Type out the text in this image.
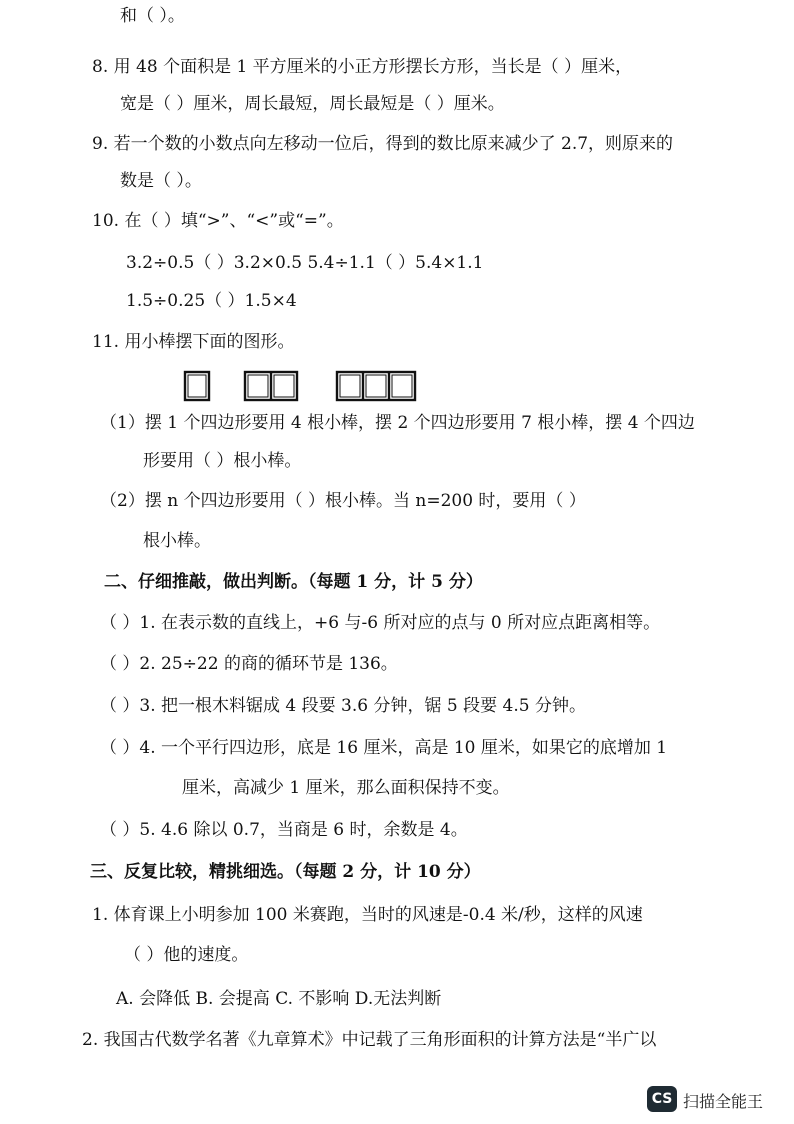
和（ ）。
8. 用 48 个面积是 1 平方厘米的小正方形摆长方形，当长是（ ）厘米，
宽是（ ）厘米，周长最短，周长最短是（ ）厘米。
9. 若一个数的小数点向左移动一位后，得到的数比原来减少了 2.7，则原来的
数是（ ）。
10. 在（ ）填“>”、“<”或“=”。
3.2÷0.5（ ）3.2×0.5 5.4÷1.1（ ）5.4×1.1
1.5÷0.25（ ）1.5×4
11. 用小棒摆下面的图形。
（1）摆 1 个四边形要用 4 根小棒，摆 2 个四边形要用 7 根小棒，摆 4 个四边
形要用（ ）根小棒。
（2）摆 n 个四边形要用（ ）根小棒。当 n=200 时，要用（ ）
根小棒。
二、仔细推敲，做出判断。（每题 1 分，计 5 分）
（ ）1. 在表示数的直线上，+6 与-6 所对应的点与 0 所对应点距离相等。
（ ）2. 25÷22 的商的循环节是 136。
（ ）3. 把一根木料锯成 4 段要 3.6 分钟，锯 5 段要 4.5 分钟。
（ ）4. 一个平行四边形，底是 16 厘米，高是 10 厘米，如果它的底增加 1
厘米，高减少 1 厘米，那么面积保持不变。
（ ）5. 4.6 除以 0.7，当商是 6 时，余数是 4。
三、反复比较，精挑细选。（每题 2 分，计 10 分）
1. 体育课上小明参加 100 米赛跑，当时的风速是-0.4 米/秒，这样的风速
（ ）他的速度。
A. 会降低 B. 会提高 C. 不影响 D.无法判断
2. 我国古代数学名著《九章算术》中记载了三角形面积的计算方法是“半广以
CS 扫描全能王
